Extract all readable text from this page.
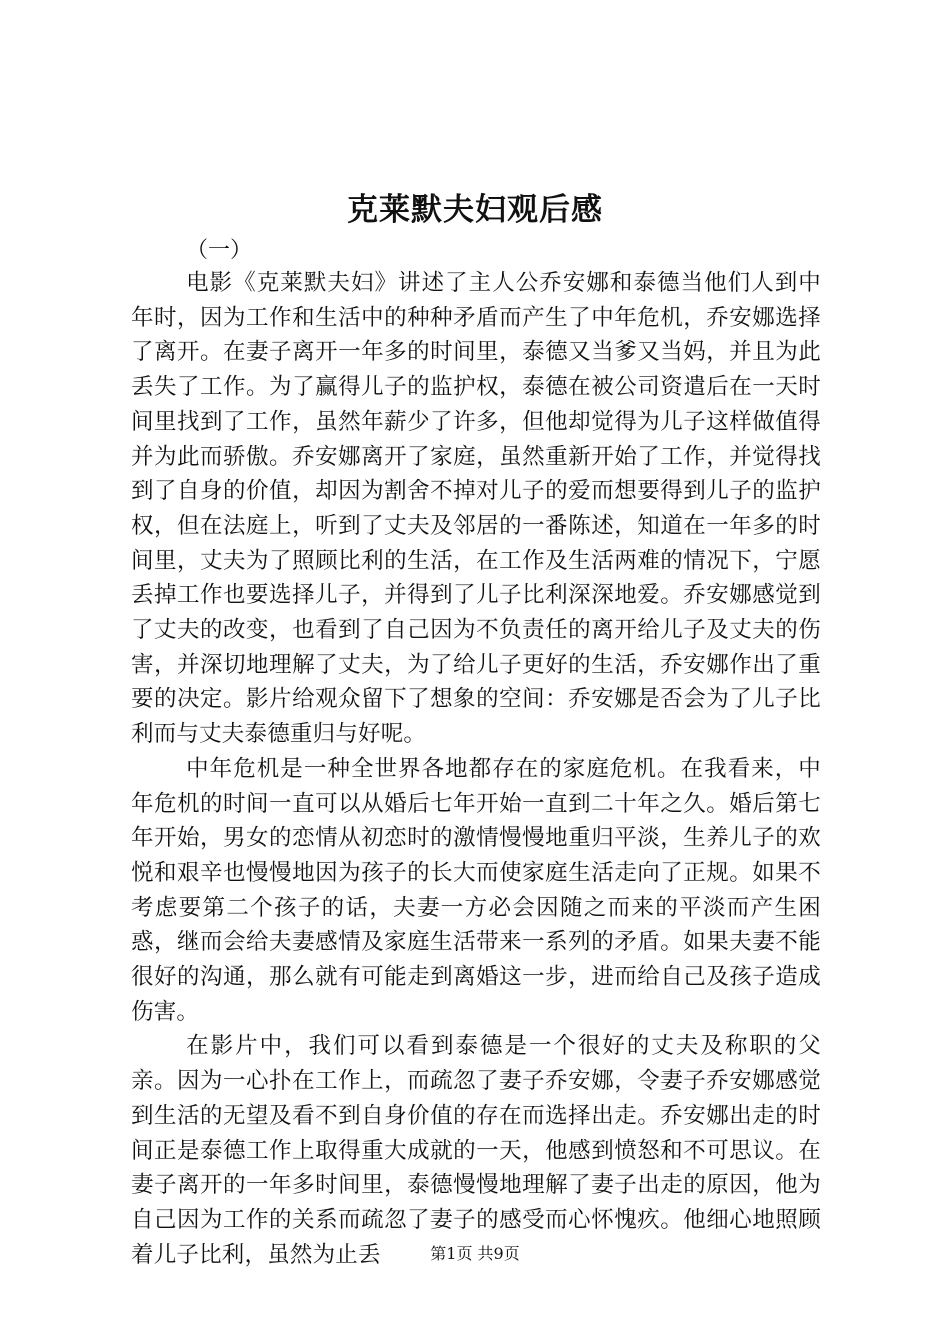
克莱默夫妇观后感
（一）

电影《克莱默夫妇》讲述了主人公乔安娜和泰德当他们人到中年时，因为工作和生活中的种种矛盾而产生了中年危机，乔安娜选择了离开。在妻子离开一年多的时间里，泰德又当爹又当妈，并且为此丢失了工作。为了赢得儿子的监护权，泰德在被公司资遣后在一天时间里找到了工作，虽然年薪少了许多，但他却觉得为儿子这样做值得并为此而骄傲。乔安娜离开了家庭，虽然重新开始了工作，并觉得找到了自身的价值，却因为割舍不掉对儿子的爱而想要得到儿子的监护权，但在法庭上，听到了丈夫及邻居的一番陈述，知道在一年多的时间里，丈夫为了照顾比利的生活，在工作及生活两难的情况下，宁愿丢掉工作也要选择儿子，并得到了儿子比利深深地爱。乔安娜感觉到了丈夫的改变，也看到了自己因为不负责任的离开给儿子及丈夫的伤害，并深切地理解了丈夫，为了给儿子更好的生活，乔安娜作出了重要的决定。影片给观众留下了想象的空间：乔安娜是否会为了儿子比利而与丈夫泰德重归与好呢。

中年危机是一种全世界各地都存在的家庭危机。在我看来，中年危机的时间一直可以从婚后七年开始一直到二十年之久。婚后第七年开始，男女的恋情从初恋时的激情慢慢地重归平淡，生养儿子的欢悦和艰辛也慢慢地因为孩子的长大而使家庭生活走向了正规。如果不考虑要第二个孩子的话，夫妻一方必会因随之而来的平淡而产生困惑，继而会给夫妻感情及家庭生活带来一系列的矛盾。如果夫妻不能很好的沟通，那么就有可能走到离婚这一步，进而给自己及孩子造成伤害。

在影片中，我们可以看到泰德是一个很好的丈夫及称职的父亲。因为一心扑在工作上，而疏忽了妻子乔安娜，令妻子乔安娜感觉到生活的无望及看不到自身价值的存在而选择出走。乔安娜出走的时间正是泰德工作上取得重大成就的一天，他感到愤怒和不可思议。在妻子离开的一年多时间里，泰德慢慢地理解了妻子出走的原因，他为自己因为工作的关系而疏忽了妻子的感受而心怀愧疚。他细心地照顾着儿子比利，虽然为止丢	第1页 共9页
